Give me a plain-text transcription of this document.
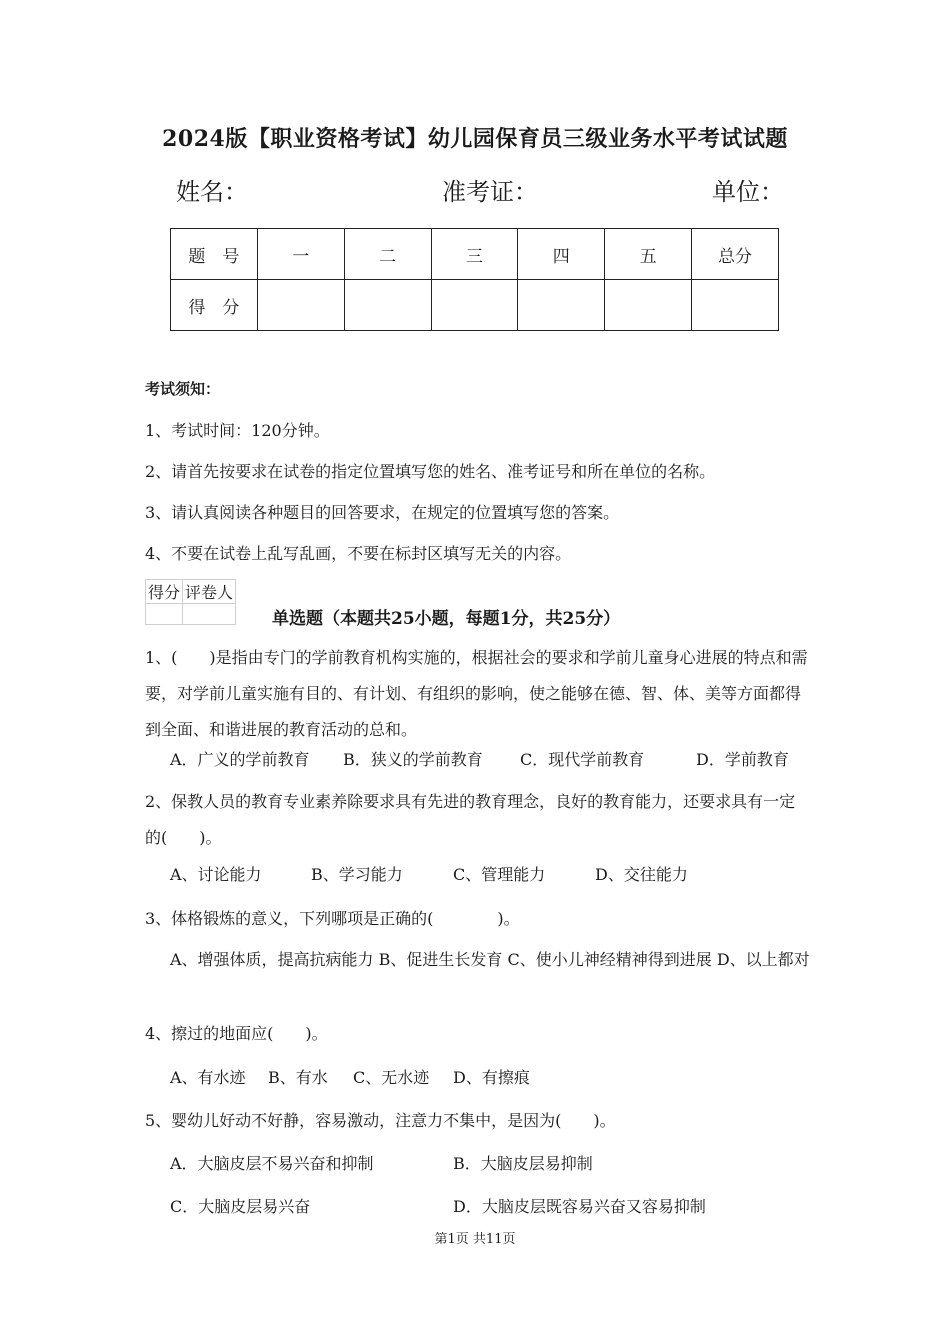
2024版【职业资格考试】幼儿园保育员三级业务水平考试试题
姓名：	准考证：	单位：
题　号	一	二	三	四	五	总分
得　分						
考试须知：
1、考试时间：120分钟。
2、请首先按要求在试卷的指定位置填写您的姓名、准考证号和所在单位的名称。
3、请认真阅读各种题目的回答要求，在规定的位置填写您的答案。
4、不要在试卷上乱写乱画，不要在标封区填写无关的内容。
得分	评卷人

单选题（本题共25小题，每题1分，共25分）
1、(　　)是指由专门的学前教育机构实施的，根据社会的要求和学前儿童身心进展的特点和需要，对学前儿童实施有目的、有计划、有组织的影响，使之能够在德、智、体、美等方面都得到全面、和谐进展的教育活动的总和。
A．广义的学前教育 B．狭义的学前教育 C．现代学前教育	D．学前教育
2、保教人员的教育专业素养除要求具有先进的教育理念，良好的教育能力，还要求具有一定的(　　)。
A、讨论能力	B、学习能力	C、管理能力	D、交往能力
3、体格锻炼的意义，下列哪项是正确的(　　　　)。
A、增强体质，提高抗病能力 B、促进生长发育 C、使小儿神经精神得到进展 D、以上都对
4、擦过的地面应(　　)。
A、有水迹 B、有水 C、无水迹 D、有擦痕
5、婴幼儿好动不好静，容易激动，注意力不集中，是因为(　　)。
A．大脑皮层不易兴奋和抑制	B．大脑皮层易抑制
C．大脑皮层易兴奋	D．大脑皮层既容易兴奋又容易抑制
第1页 共11页
